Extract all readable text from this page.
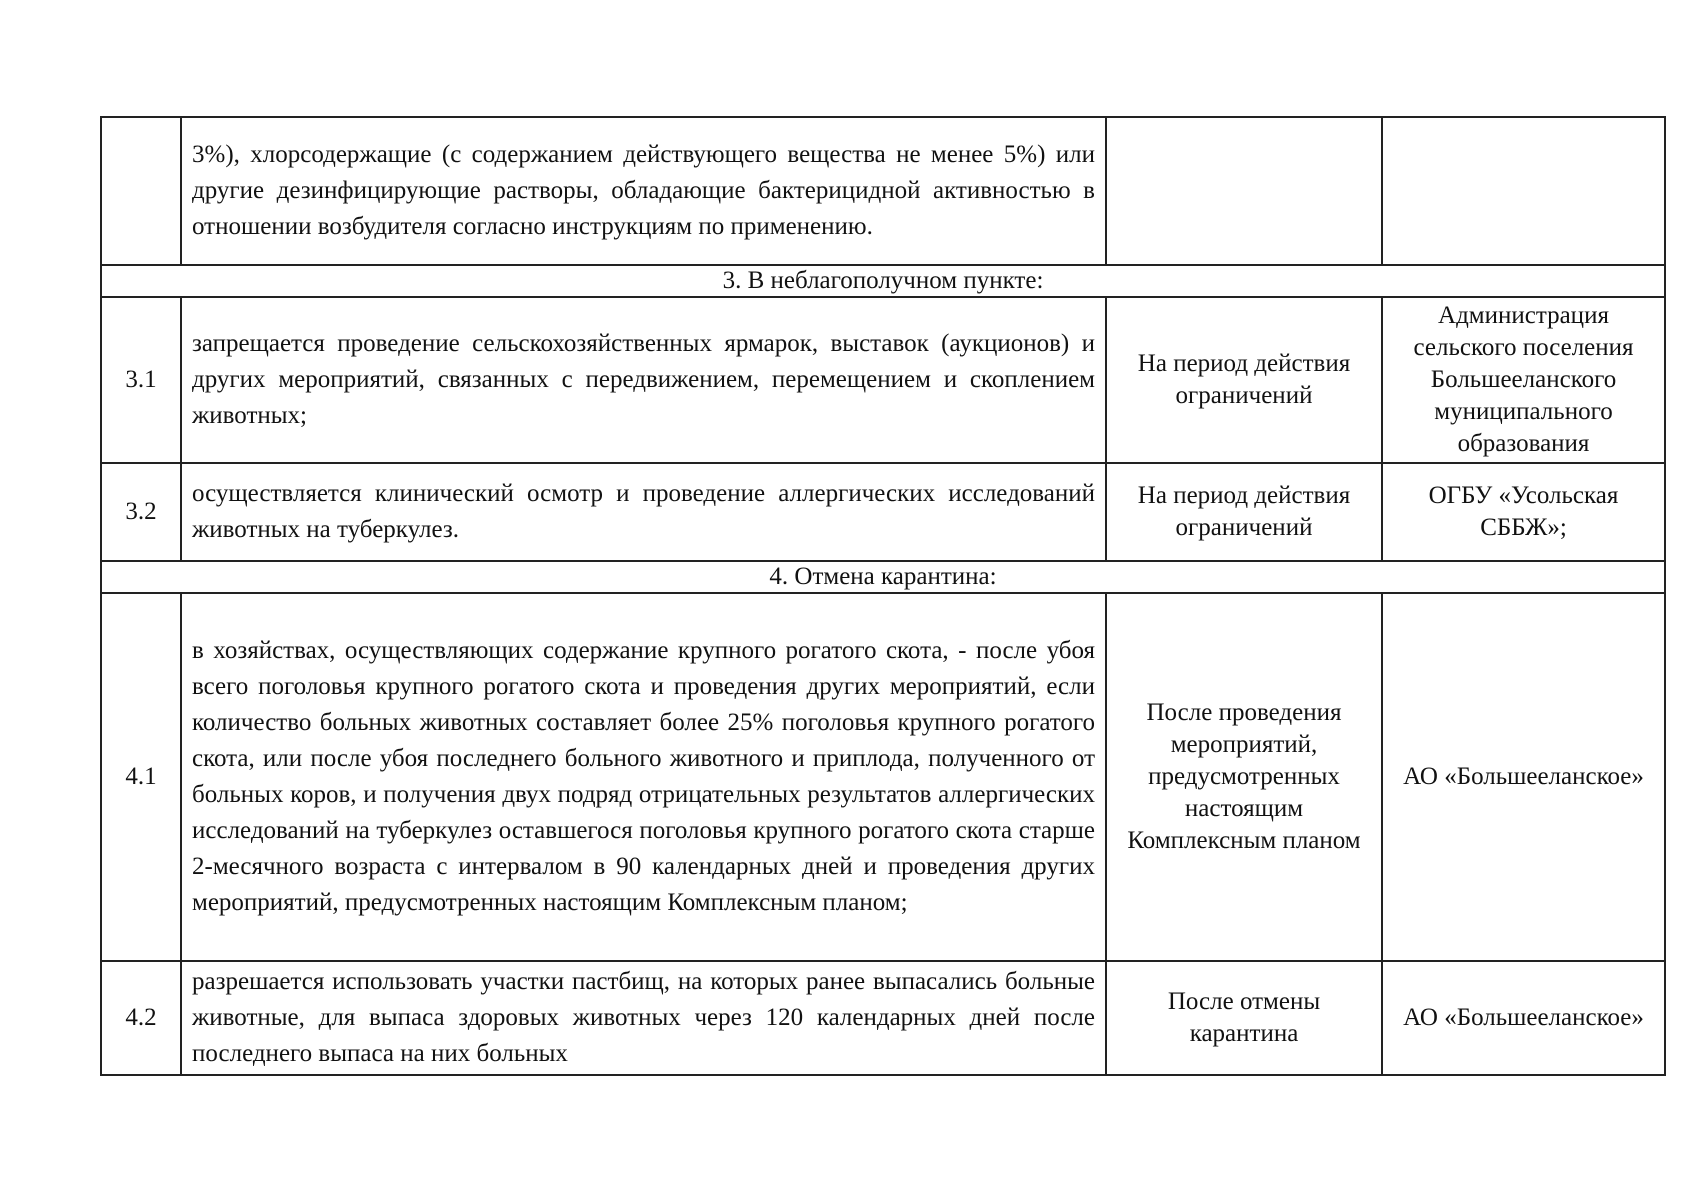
	3%), хлорсодержащие (с содержанием действующего вещества не менее 5%) или другие дезинфицирующие растворы, обладающие бактерицидной активностью в отношении возбудителя согласно инструкциям по применению.		
3. В неблагополучном пункте:			
3.1	запрещается проведение сельскохозяйственных ярмарок, выставок (аукционов) и других мероприятий, связанных с передвижением, перемещением и скоплением животных;	На период действия ограничений	Администрация сельского поселения Большееланского муниципального образования
3.2	осуществляется клинический осмотр и проведение аллергических исследований животных на туберкулез.	На период действия ограничений	ОГБУ «Усольская СББЖ»;
4. Отмена карантина:			
4.1	в хозяйствах, осуществляющих содержание крупного рогатого скота, - после убоя всего поголовья крупного рогатого скота и проведения других мероприятий, если количество больных животных составляет более 25% поголовья крупного рогатого скота, или после убоя последнего больного животного и приплода, полученного от больных коров, и получения двух подряд отрицательных результатов аллергических исследований на туберкулез оставшегося поголовья крупного рогатого скота старше 2-месячного возраста с интервалом в 90 календарных дней и проведения других мероприятий, предусмотренных настоящим Комплексным планом;	После проведения мероприятий, предусмотренных настоящим Комплексным планом	АО «Большееланское»
4.2	разрешается использовать участки пастбищ, на которых ранее выпасались больные животные, для выпаса здоровых животных через 120 календарных дней после последнего выпаса на них больных	После отмены карантина	АО «Большееланское»
